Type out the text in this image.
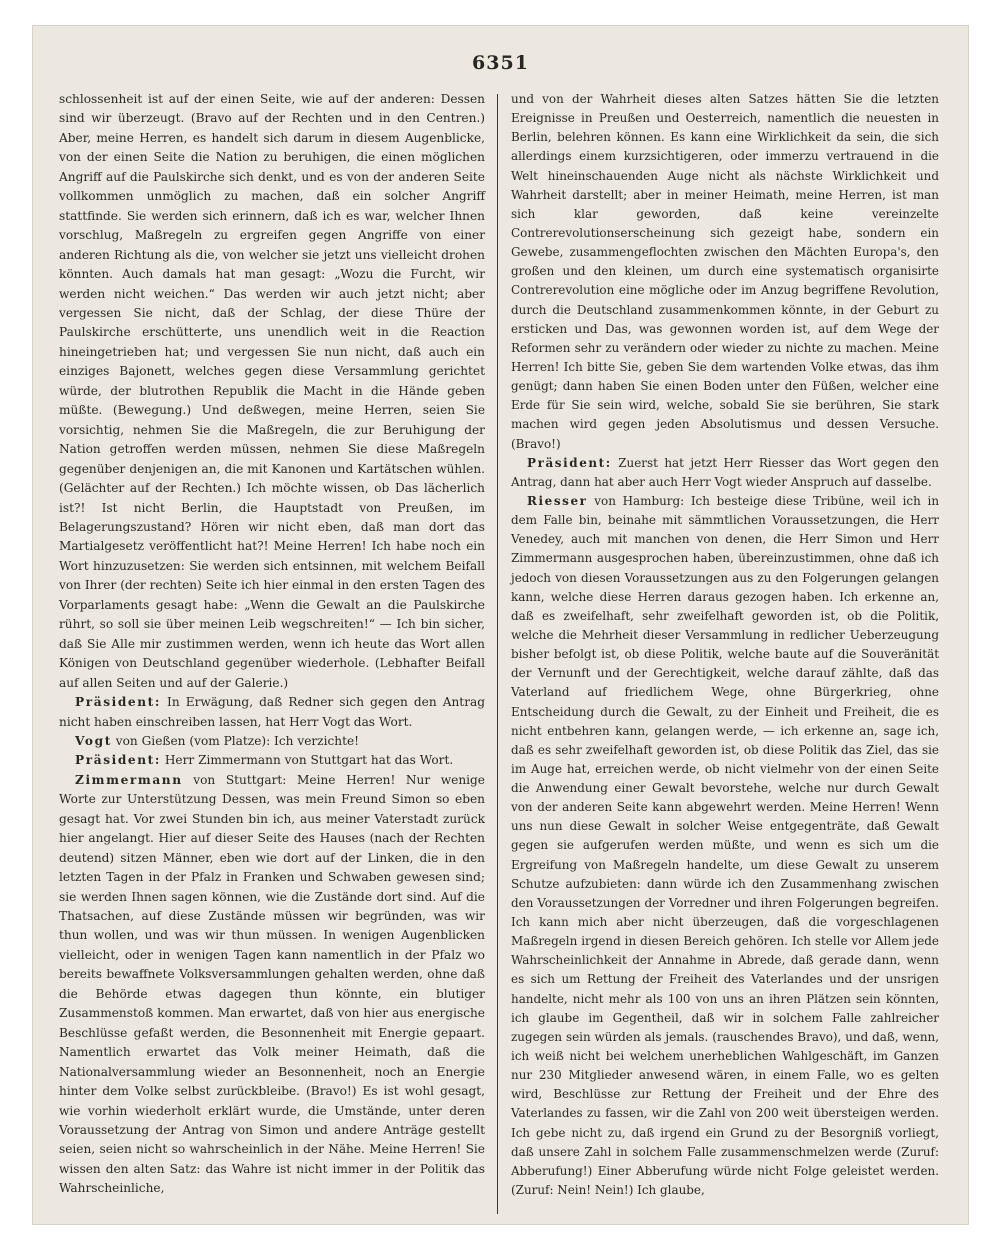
6351

schlossenheit ist auf der einen Seite, wie auf der anderen: Dessen sind wir überzeugt. (Bravo auf der Rechten und in den Centren.) Aber, meine Herren, es handelt sich darum in diesem Augenblicke, von der einen Seite die Nation zu beruhigen, die einen möglichen Angriff auf die Paulskirche sich denkt, und es von der anderen Seite vollkommen unmöglich zu machen, daß ein solcher Angriff stattfinde. Sie werden sich erinnern, daß ich es war, welcher Ihnen vorschlug, Maßregeln zu ergreifen gegen Angriffe von einer anderen Richtung als die, von welcher sie jetzt uns vielleicht drohen könnten. Auch damals hat man gesagt: „Wozu die Furcht, wir werden nicht weichen.“ Das werden wir auch jetzt nicht; aber vergessen Sie nicht, daß der Schlag, der diese Thüre der Paulskirche erschütterte, uns unendlich weit in die Reaction hineingetrieben hat; und vergessen Sie nun nicht, daß auch ein einziges Bajonett, welches gegen diese Versammlung gerichtet würde, der blutrothen Republik die Macht in die Hände geben müßte. (Bewegung.) Und deßwegen, meine Herren, seien Sie vorsichtig, nehmen Sie die Maßregeln, die zur Beruhigung der Nation getroffen werden müssen, nehmen Sie diese Maßregeln gegenüber denjenigen an, die mit Kanonen und Kartätschen wühlen. (Gelächter auf der Rechten.) Ich möchte wissen, ob Das lächerlich ist?! Ist nicht Berlin, die Hauptstadt von Preußen, im Belagerungszustand? Hören wir nicht eben, daß man dort das Martialgesetz veröffentlicht hat?! Meine Herren! Ich habe noch ein Wort hinzuzusetzen: Sie werden sich entsinnen, mit welchem Beifall von Ihrer (der rechten) Seite ich hier einmal in den ersten Tagen des Vorparlaments gesagt habe: „Wenn die Gewalt an die Paulskirche rührt, so soll sie über meinen Leib wegschreiten!“ — Ich bin sicher, daß Sie Alle mir zustimmen werden, wenn ich heute das Wort allen Königen von Deutschland gegenüber wiederhole. (Lebhafter Beifall auf allen Seiten und auf der Galerie.)

Präsident: In Erwägung, daß Redner sich gegen den Antrag nicht haben einschreiben lassen, hat Herr Vogt das Wort.

Vogt von Gießen (vom Platze): Ich verzichte!

Präsident: Herr Zimmermann von Stuttgart hat das Wort.

Zimmermann von Stuttgart: Meine Herren! Nur wenige Worte zur Unterstützung Dessen, was mein Freund Simon so eben gesagt hat. Vor zwei Stunden bin ich, aus meiner Vaterstadt zurück hier angelangt. Hier auf dieser Seite des Hauses (nach der Rechten deutend) sitzen Männer, eben wie dort auf der Linken, die in den letzten Tagen in der Pfalz in Franken und Schwaben gewesen sind; sie werden Ihnen sagen können, wie die Zustände dort sind. Auf die Thatsachen, auf diese Zustände müssen wir begründen, was wir thun wollen, und was wir thun müssen. In wenigen Augenblicken vielleicht, oder in wenigen Tagen kann namentlich in der Pfalz wo bereits bewaffnete Volksversammlungen gehalten werden, ohne daß die Behörde etwas dagegen thun könnte, ein blutiger Zusammenstoß kommen. Man erwartet, daß von hier aus energische Beschlüsse gefaßt werden, die Besonnenheit mit Energie gepaart. Namentlich erwartet das Volk meiner Heimath, daß die Nationalversammlung wieder an Besonnenheit, noch an Energie hinter dem Volke selbst zurückbleibe. (Bravo!) Es ist wohl gesagt, wie vorhin wiederholt erklärt wurde, die Umstände, unter deren Voraussetzung der Antrag von Simon und andere Anträge gestellt seien, seien nicht so wahrscheinlich in der Nähe. Meine Herren! Sie wissen den alten Satz: das Wahre ist nicht immer in der Politik das Wahrscheinliche,

und von der Wahrheit dieses alten Satzes hätten Sie die letzten Ereignisse in Preußen und Oesterreich, namentlich die neuesten in Berlin, belehren können. Es kann eine Wirklichkeit da sein, die sich allerdings einem kurzsichtigeren, oder immerzu vertrauend in die Welt hineinschauenden Auge nicht als nächste Wirklichkeit und Wahrheit darstellt; aber in meiner Heimath, meine Herren, ist man sich klar geworden, daß keine vereinzelte Contrerevolutionserscheinung sich gezeigt habe, sondern ein Gewebe, zusammengeflochten zwischen den Mächten Europa's, den großen und den kleinen, um durch eine systematisch organisirte Contrerevolution eine mögliche oder im Anzug begriffene Revolution, durch die Deutschland zusammenkommen könnte, in der Geburt zu ersticken und Das, was gewonnen worden ist, auf dem Wege der Reformen sehr zu verändern oder wieder zu nichte zu machen. Meine Herren! Ich bitte Sie, geben Sie dem wartenden Volke etwas, das ihm genügt; dann haben Sie einen Boden unter den Füßen, welcher eine Erde für Sie sein wird, welche, sobald Sie sie berühren, Sie stark machen wird gegen jeden Absolutismus und dessen Versuche. (Bravo!)

Präsident: Zuerst hat jetzt Herr Riesser das Wort gegen den Antrag, dann hat aber auch Herr Vogt wieder Anspruch auf dasselbe.

Riesser von Hamburg: Ich besteige diese Tribüne, weil ich in dem Falle bin, beinahe mit sämmtlichen Voraussetzungen, die Herr Venedey, auch mit manchen von denen, die Herr Simon und Herr Zimmermann ausgesprochen haben, übereinzustimmen, ohne daß ich jedoch von diesen Voraussetzungen aus zu den Folgerungen gelangen kann, welche diese Herren daraus gezogen haben. Ich erkenne an, daß es zweifelhaft, sehr zweifelhaft geworden ist, ob die Politik, welche die Mehrheit dieser Versammlung in redlicher Ueberzeugung bisher befolgt ist, ob diese Politik, welche baute auf die Souveränität der Vernunft und der Gerechtigkeit, welche darauf zählte, daß das Vaterland auf friedlichem Wege, ohne Bürgerkrieg, ohne Entscheidung durch die Gewalt, zu der Einheit und Freiheit, die es nicht entbehren kann, gelangen werde, — ich erkenne an, sage ich, daß es sehr zweifelhaft geworden ist, ob diese Politik das Ziel, das sie im Auge hat, erreichen werde, ob nicht vielmehr von der einen Seite die Anwendung einer Gewalt bevorstehe, welche nur durch Gewalt von der anderen Seite kann abgewehrt werden. Meine Herren! Wenn uns nun diese Gewalt in solcher Weise entgegenträte, daß Gewalt gegen sie aufgerufen werden müßte, und wenn es sich um die Ergreifung von Maßregeln handelte, um diese Gewalt zu unserem Schutze aufzubieten: dann würde ich den Zusammenhang zwischen den Voraussetzungen der Vorredner und ihren Folgerungen begreifen. Ich kann mich aber nicht überzeugen, daß die vorgeschlagenen Maßregeln irgend in diesen Bereich gehören. Ich stelle vor Allem jede Wahrscheinlichkeit der Annahme in Abrede, daß gerade dann, wenn es sich um Rettung der Freiheit des Vaterlandes und der unsrigen handelte, nicht mehr als 100 von uns an ihren Plätzen sein könnten, ich glaube im Gegentheil, daß wir in solchem Falle zahlreicher zugegen sein würden als jemals. (rauschendes Bravo), und daß, wenn, ich weiß nicht bei welchem unerheblichen Wahlgeschäft, im Ganzen nur 230 Mitglieder anwesend wären, in einem Falle, wo es gelten wird, Beschlüsse zur Rettung der Freiheit und der Ehre des Vaterlandes zu fassen, wir die Zahl von 200 weit übersteigen werden. Ich gebe nicht zu, daß irgend ein Grund zu der Besorgniß vorliegt, daß unsere Zahl in solchem Falle zusammenschmelzen werde (Zuruf: Abberufung!) Einer Abberufung würde nicht Folge geleistet werden. (Zuruf: Nein! Nein!) Ich glaube,
